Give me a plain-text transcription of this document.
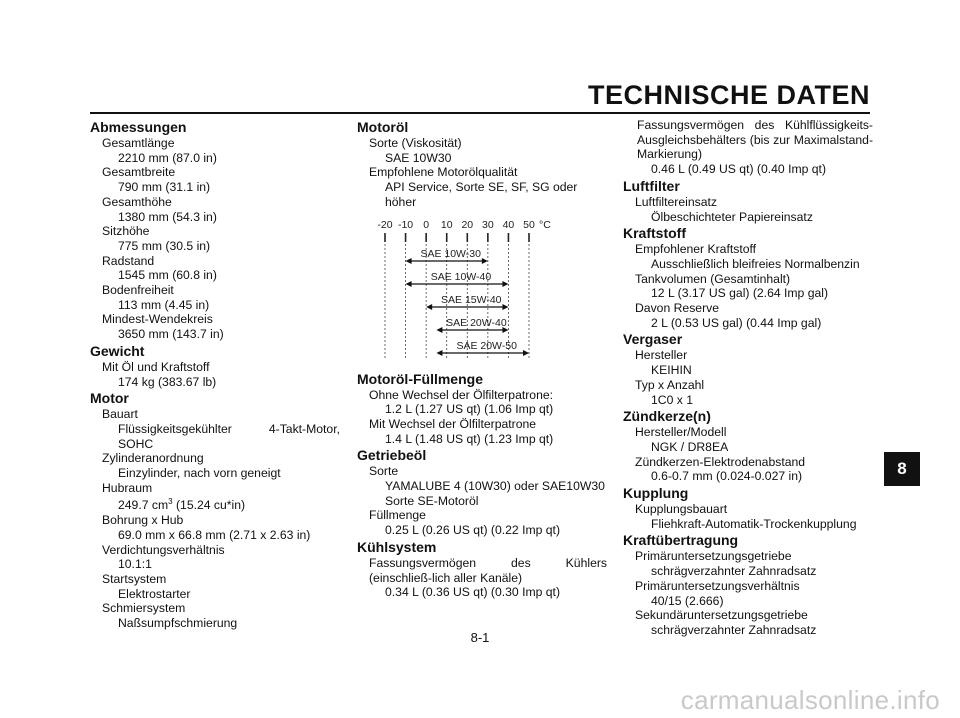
TECHNISCHE DATEN
Abmessungen
Gesamtlänge
2210 mm (87.0 in)
Gesamtbreite
790 mm (31.1 in)
Gesamthöhe
1380 mm (54.3 in)
Sitzhöhe
775 mm (30.5 in)
Radstand
1545 mm (60.8 in)
Bodenfreiheit
113 mm (4.45 in)
Mindest-Wendekreis
3650 mm (143.7 in)
Gewicht
Mit Öl und Kraftstoff
174 kg (383.67 lb)
Motor
Bauart
Flüssigkeitsgekühlter	4-Takt-Motor,
SOHC
Zylinderanordnung
Einzylinder, nach vorn geneigt
Hubraum
249.7 $cm^3$ (15.24 cu*in)
Bohrung x Hub
69.0 mm x 66.8 mm (2.71 x 2.63 in)
Verdichtungsverhältnis
10.1:1
Startsystem
Elektrostarter
Schmiersystem
Naßsumpfschmierung
Motoröl
Sorte (Viskosität)
SAE 10W30
Empfohlene Motorölqualität
API Service, Sorte SE, SF, SG oder höher
-20 -10 0 10 20 30 40 50 °C
SAE 10W-30
SAE 10W-40
SAE 15W-40
SAE 20W-40
SAE 20W-50
Motoröl-Füllmenge
Ohne Wechsel der Ölfilterpatrone:
1.2 L (1.27 US qt) (1.06 Imp qt)
Mit Wechsel der Ölfilterpatrone
1.4 L (1.48 US qt) (1.23 Imp qt)
Getriebeöl
Sorte
YAMALUBE 4 (10W30) oder SAE10W30
Sorte SE-Motoröl
Füllmenge
0.25 L (0.26 US qt) (0.22 Imp qt)
Kühlsystem
Fassungsvermögen des Kühlers (einschließ-lich aller Kanäle)
0.34 L (0.36 US qt) (0.30 Imp qt)
Fassungsvermögen des Kühlflüssigkeits-Ausgleichsbehälters (bis zur Maximalstand-Markierung)
0.46 L (0.49 US qt) (0.40 Imp qt)
Luftfilter
Luftfiltereinsatz
Ölbeschichteter Papiereinsatz
Kraftstoff
Empfohlener Kraftstoff
Ausschließlich bleifreies Normalbenzin
Tankvolumen (Gesamtinhalt)
12 L (3.17 US gal) (2.64 Imp gal)
Davon Reserve
2 L (0.53 US gal) (0.44 Imp gal)
Vergaser
Hersteller
KEIHIN
Typ x Anzahl
1C0 x 1
Zündkerze(n)
Hersteller/Modell
NGK / DR8EA
Zündkerzen-Elektrodenabstand
0.6-0.7 mm (0.024-0.027 in)
Kupplung
Kupplungsbauart
Fliehkraft-Automatik-Trockenkupplung
Kraftübertragung
Primäruntersetzungsgetriebe
schrägverzahnter Zahnradsatz
Primäruntersetzungsverhältnis
40/15 (2.666)
Sekundäruntersetzungsgetriebe
schrägverzahnter Zahnradsatz
8
8-1
carmanualsonline.info
